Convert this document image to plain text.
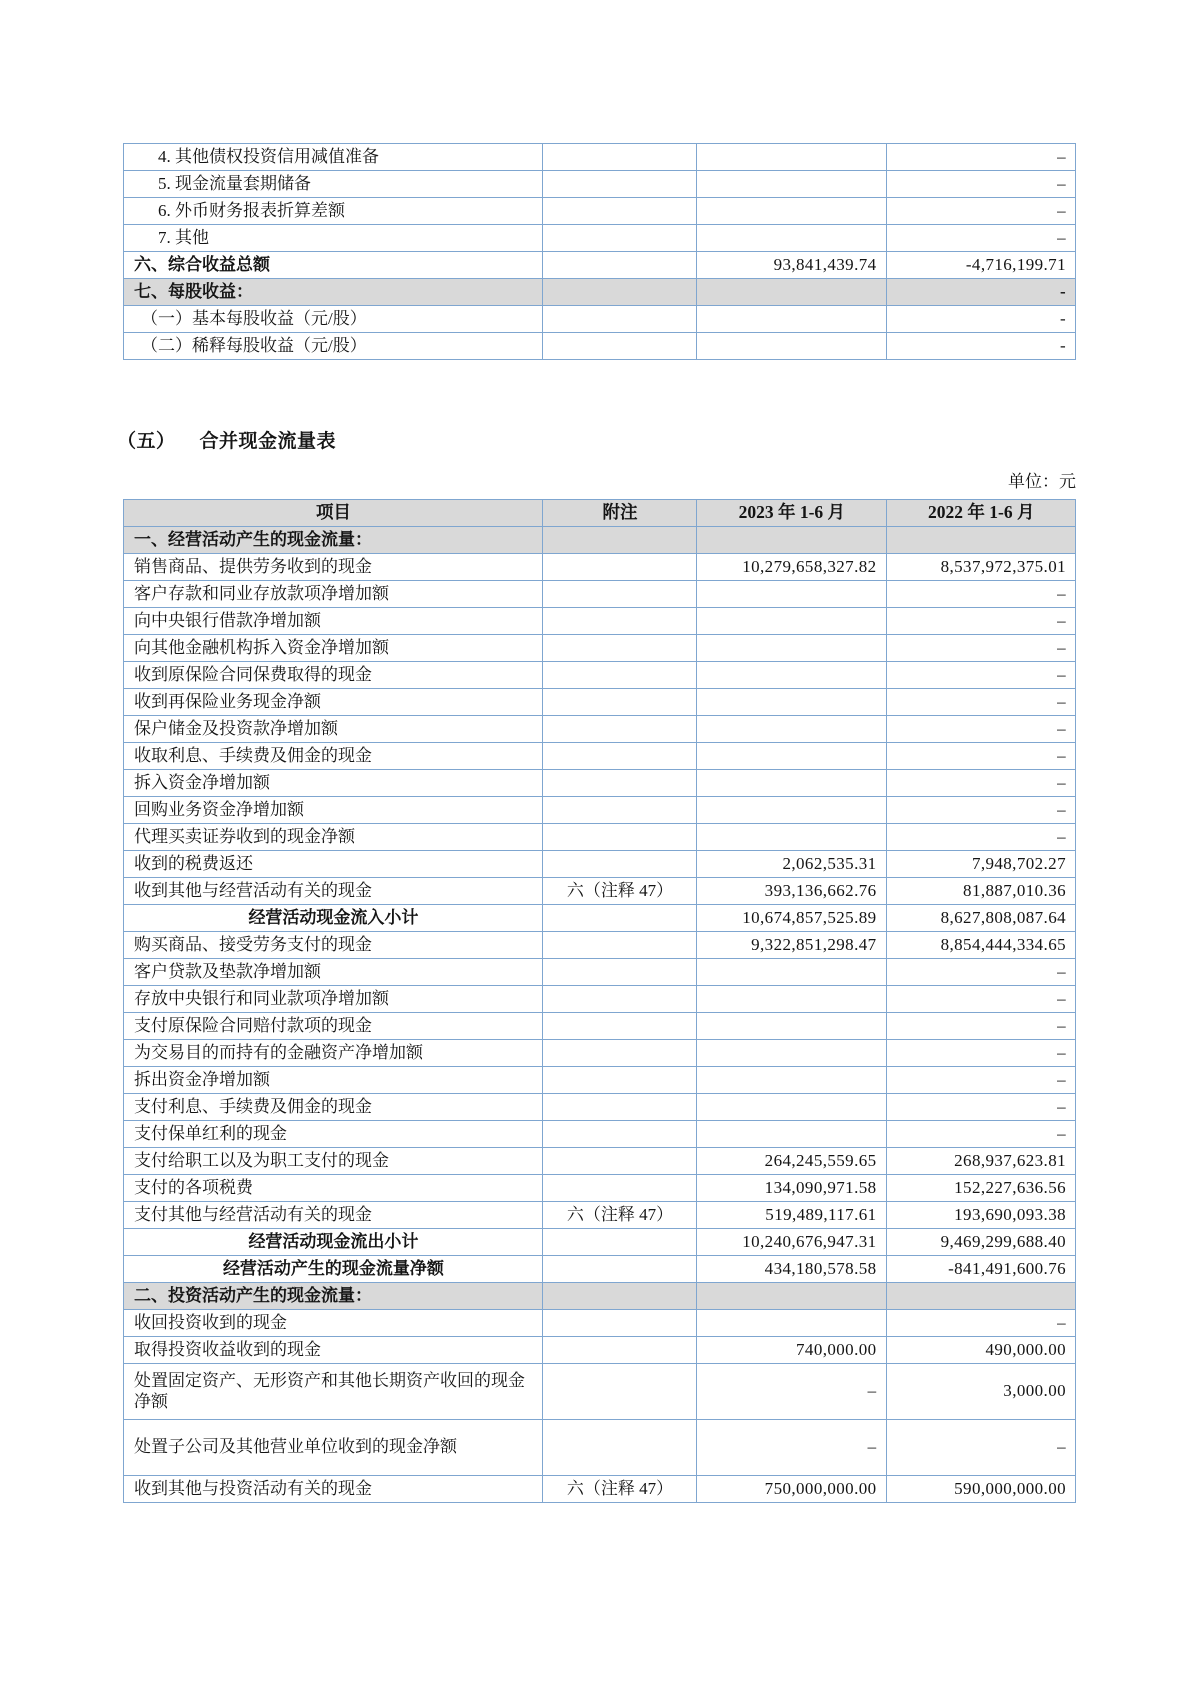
4. 其他债权投资信用减值准备			–
5. 现金流量套期储备			–
6. 外币财务报表折算差额			–
7. 其他			–
六、综合收益总额		93,841,439.74	-4,716,199.71
七、每股收益：			-
（一）基本每股收益（元/股）			-
（二）稀释每股收益（元/股）			-
（五） 合并现金流量表
单位：元
项目	附注	2023 年 1-6 月	2022 年 1-6 月
一、经营活动产生的现金流量：			
销售商品、提供劳务收到的现金		10,279,658,327.82	8,537,972,375.01
客户存款和同业存放款项净增加额			–
向中央银行借款净增加额			–
向其他金融机构拆入资金净增加额			–
收到原保险合同保费取得的现金			–
收到再保险业务现金净额			–
保户储金及投资款净增加额			–
收取利息、手续费及佣金的现金			–
拆入资金净增加额			–
回购业务资金净增加额			–
代理买卖证券收到的现金净额			–
收到的税费返还		2,062,535.31	7,948,702.27
收到其他与经营活动有关的现金	六（注释 47）	393,136,662.76	81,887,010.36
经营活动现金流入小计		10,674,857,525.89	8,627,808,087.64
购买商品、接受劳务支付的现金		9,322,851,298.47	8,854,444,334.65
客户贷款及垫款净增加额			–
存放中央银行和同业款项净增加额			–
支付原保险合同赔付款项的现金			–
为交易目的而持有的金融资产净增加额			–
拆出资金净增加额			–
支付利息、手续费及佣金的现金			–
支付保单红利的现金			–
支付给职工以及为职工支付的现金		264,245,559.65	268,937,623.81
支付的各项税费		134,090,971.58	152,227,636.56
支付其他与经营活动有关的现金	六（注释 47）	519,489,117.61	193,690,093.38
经营活动现金流出小计		10,240,676,947.31	9,469,299,688.40
经营活动产生的现金流量净额		434,180,578.58	-841,491,600.76
二、投资活动产生的现金流量：			
收回投资收到的现金			–
取得投资收益收到的现金		740,000.00	490,000.00
处置固定资产、无形资产和其他长期资产收回的现金净额		–	3,000.00
处置子公司及其他营业单位收到的现金净额		–	–
收到其他与投资活动有关的现金	六（注释 47）	750,000,000.00	590,000,000.00
